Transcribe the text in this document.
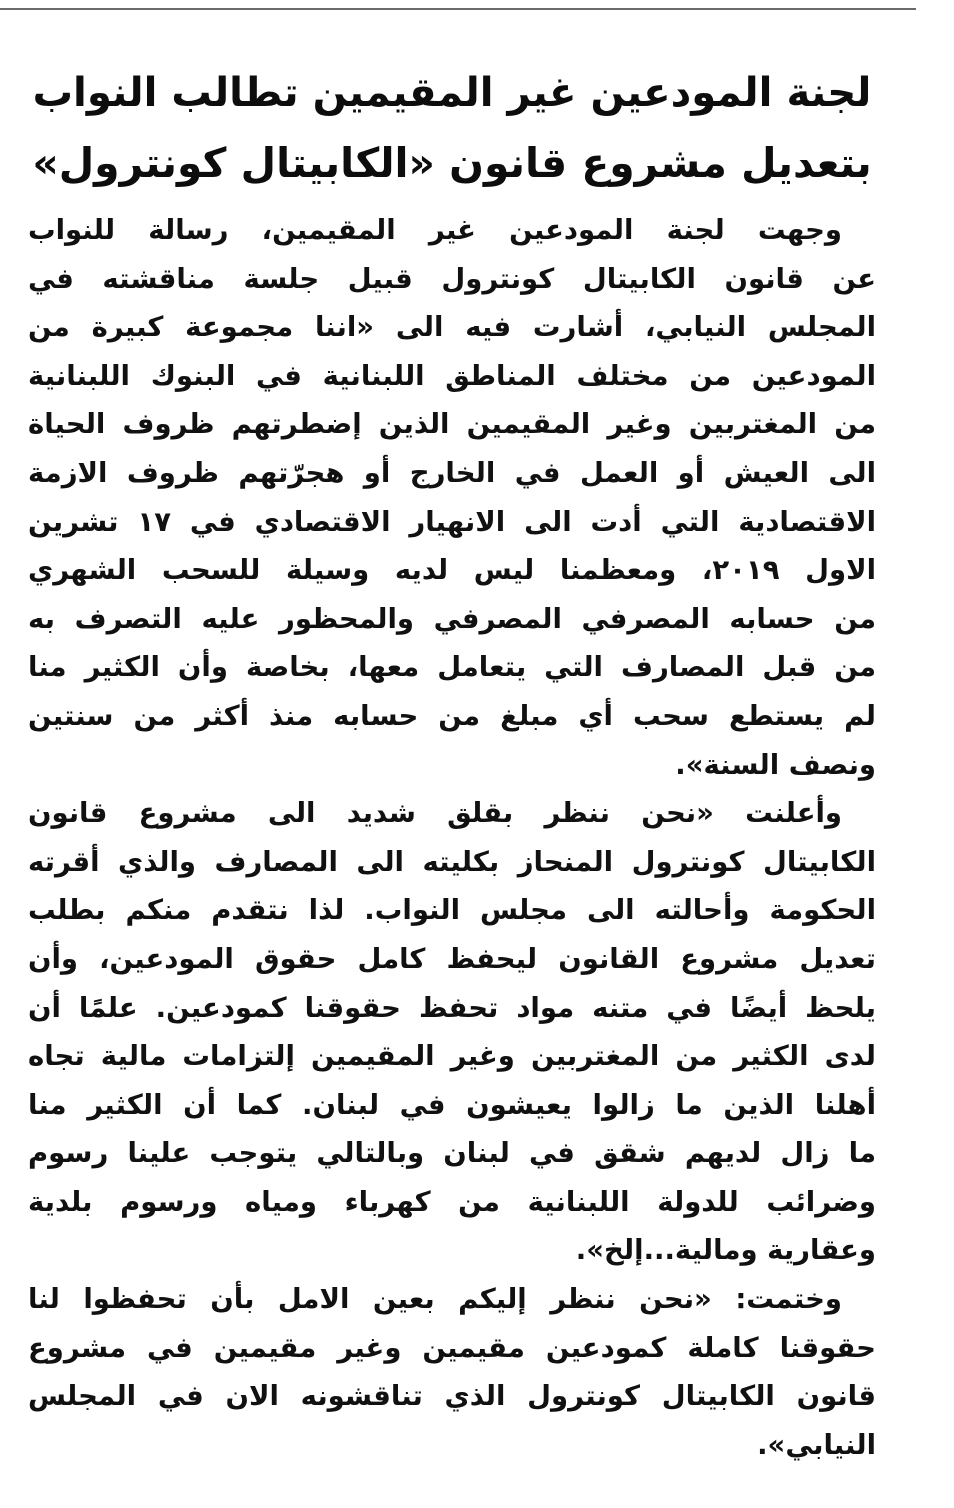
لجنة المودعين غير المقيمين تطالب النواب
بتعديل مشروع قانون «الكابيتال كونترول»

وجهت لجنة المودعين غير المقيمين، رسالة للنواب
عن قانون الكابيتال كونترول قبيل جلسة مناقشته في
المجلس النيابي، أشارت فيه الى «اننا مجموعة كبيرة من
المودعين من مختلف المناطق اللبنانية في البنوك اللبنانية
من المغتربين وغير المقيمين الذين إضطرتهم ظروف الحياة
الى العيش أو العمل في الخارج أو هجرّتهم ظروف الازمة
الاقتصادية التي أدت الى الانهيار الاقتصادي في ١٧ تشرين
الاول ٢٠١٩، ومعظمنا ليس لديه وسيلة للسحب الشهري
من حسابه المصرفي المصرفي والمحظور عليه التصرف به
من قبل المصارف التي يتعامل معها، بخاصة وأن الكثير منا
لم يستطع سحب أي مبلغ من حسابه منذ أكثر من سنتين
ونصف السنة».

وأعلنت «نحن ننظر بقلق شديد الى مشروع قانون
الكابيتال كونترول المنحاز بكليته الى المصارف والذي أقرته
الحكومة وأحالته الى مجلس النواب. لذا نتقدم منكم بطلب
تعديل مشروع القانون ليحفظ كامل حقوق المودعين، وأن
يلحظ أيضًا في متنه مواد تحفظ حقوقنا كمودعين. علمًا أن
لدى الكثير من المغتربين وغير المقيمين إلتزامات مالية تجاه
أهلنا الذين ما زالوا يعيشون في لبنان. كما أن الكثير منا
ما زال لديهم شقق في لبنان وبالتالي يتوجب علينا رسوم
وضرائب للدولة اللبنانية من كهرباء ومياه ورسوم بلدية
وعقارية ومالية...إلخ».

وختمت: «نحن ننظر إليكم بعين الامل بأن تحفظوا لنا
حقوقنا كاملة كمودعين مقيمين وغير مقيمين في مشروع
قانون الكابيتال كونترول الذي تناقشونه الان في المجلس
النيابي».
